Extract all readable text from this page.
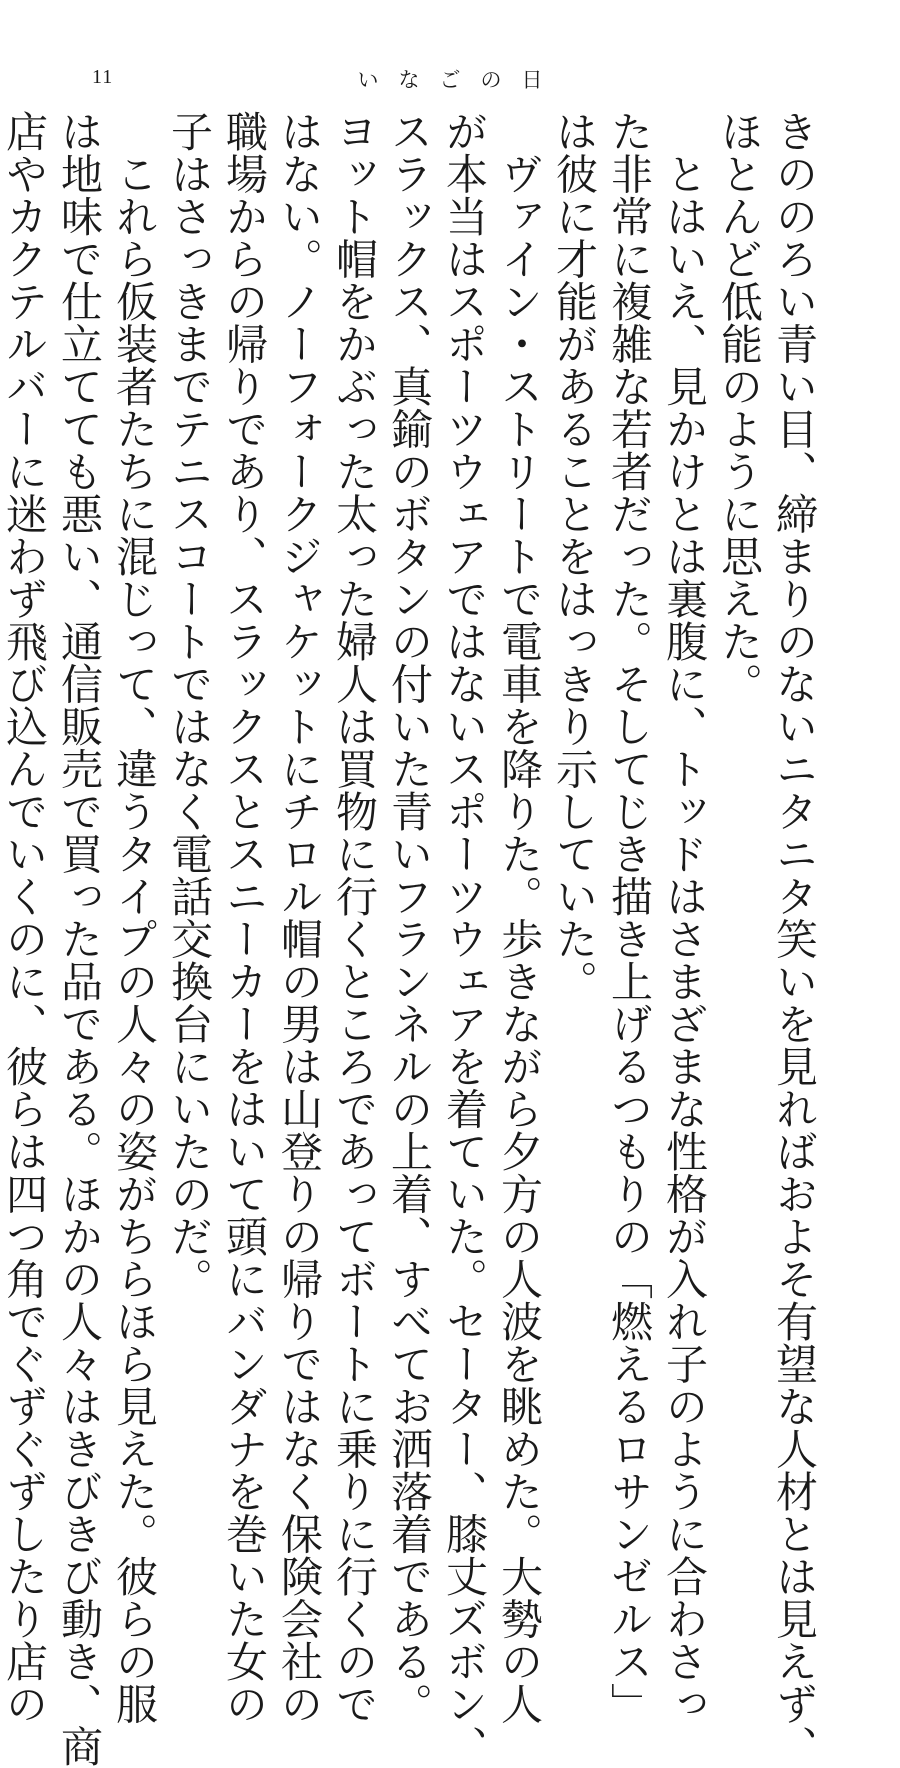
11	いなごの日
きののろい青い目、締まりのないニタニタ笑いを見ればおよそ有望な人材とは見えず、
ほとんど低能のように思えた。
　とはいえ、見かけとは裏腹に、トッドはさまざまな性格が入れ子のように合わさっ
た非常に複雑な若者だった。そしてじき描き上げるつもりの「燃えるロサンゼルス」
は彼に才能があることをはっきり示していた。
　ヴァイン・ストリートで電車を降りた。歩きながら夕方の人波を眺めた。大勢の人
が本当はスポーツウェアではないスポーツウェアを着ていた。セーター、膝丈ズボン、
スラックス、真鍮のボタンの付いた青いフランネルの上着、すべてお洒落着である。
ヨット帽をかぶった太った婦人は買物に行くところであってボートに乗りに行くので
はない。ノーフォークジャケットにチロル帽の男は山登りの帰りではなく保険会社の
職場からの帰りであり、スラックスとスニーカーをはいて頭にバンダナを巻いた女の
子はさっきまでテニスコートではなく電話交換台にいたのだ。
　これら仮装者たちに混じって、違うタイプの人々の姿がちらほら見えた。彼らの服
は地味で仕立てても悪い、通信販売で買った品である。ほかの人々はきびきび動き、商
店やカクテルバーに迷わず飛び込んでいくのに、彼らは四つ角でぐずぐずしたり店の
